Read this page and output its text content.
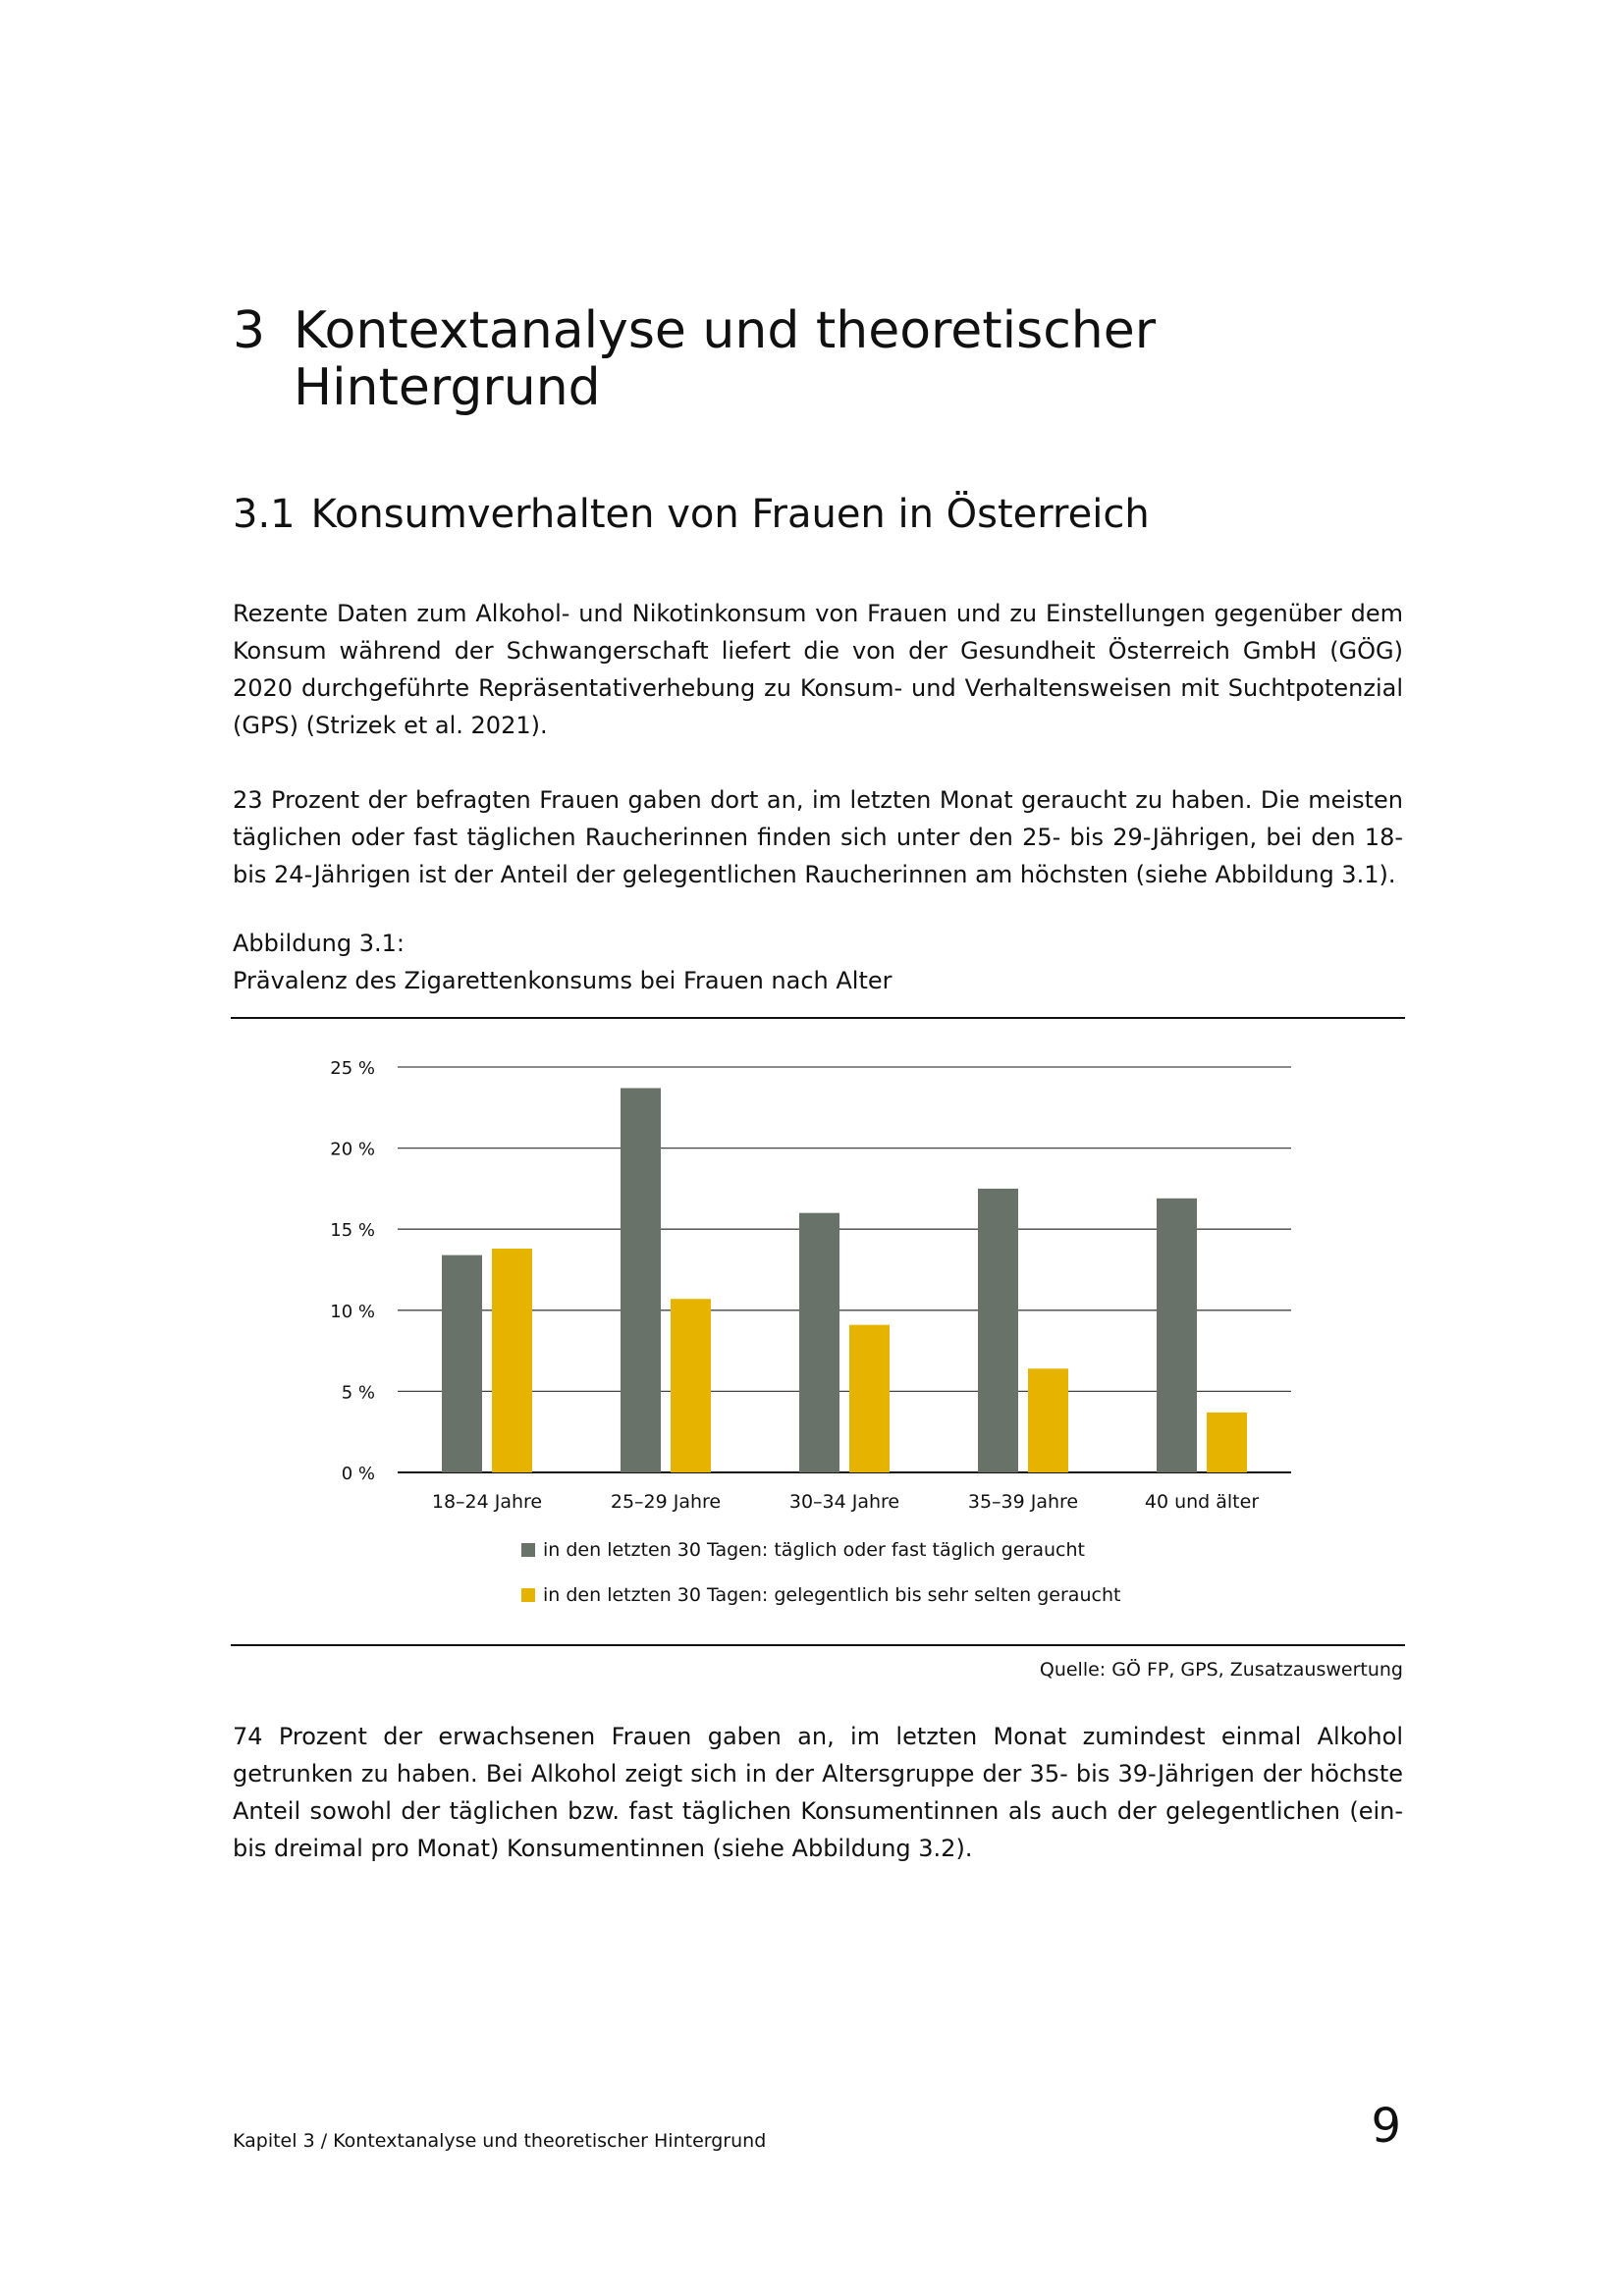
3 Kontextanalyse und theoretischer
Hintergrund
3.1 Konsumverhalten von Frauen in Österreich

Rezente Daten zum Alkohol- und Nikotinkonsum von Frauen und zu Einstellungen gegenüber dem Konsum während der Schwangerschaft liefert die von der Gesundheit Österreich GmbH (GÖG) 2020 durchgeführte Repräsentativerhebung zu Konsum- und Verhaltensweisen mit Suchtpotenzial (GPS) (Strizek et al. 2021).

23 Prozent der befragten Frauen gaben dort an, im letzten Monat geraucht zu haben. Die meisten täglichen oder fast täglichen Raucherinnen finden sich unter den 25- bis 29-Jährigen, bei den 18- bis 24-Jährigen ist der Anteil der gelegentlichen Raucherinnen am höchsten (siehe Abbildung 3.1).

Abbildung 3.1:
Prävalenz des Zigarettenkonsums bei Frauen nach Alter
0 %
5 %
10 %
15 %
20 %
25 %
18–24 Jahre	25–29 Jahre	30–34 Jahre	35–39 Jahre	40 und älter
in den letzten 30 Tagen: täglich oder fast täglich geraucht
in den letzten 30 Tagen: gelegentlich bis sehr selten geraucht
Quelle: GÖ FP, GPS, Zusatzauswertung

74 Prozent der erwachsenen Frauen gaben an, im letzten Monat zumindest einmal Alkohol getrunken zu haben. Bei Alkohol zeigt sich in der Altersgruppe der 35- bis 39-Jährigen der höchste Anteil sowohl der täglichen bzw. fast täglichen Konsumentinnen als auch der gelegentlichen (ein- bis dreimal pro Monat) Konsumentinnen (siehe Abbildung 3.2).

Kapitel 3 / Kontextanalyse und theoretischer Hintergrund	9
